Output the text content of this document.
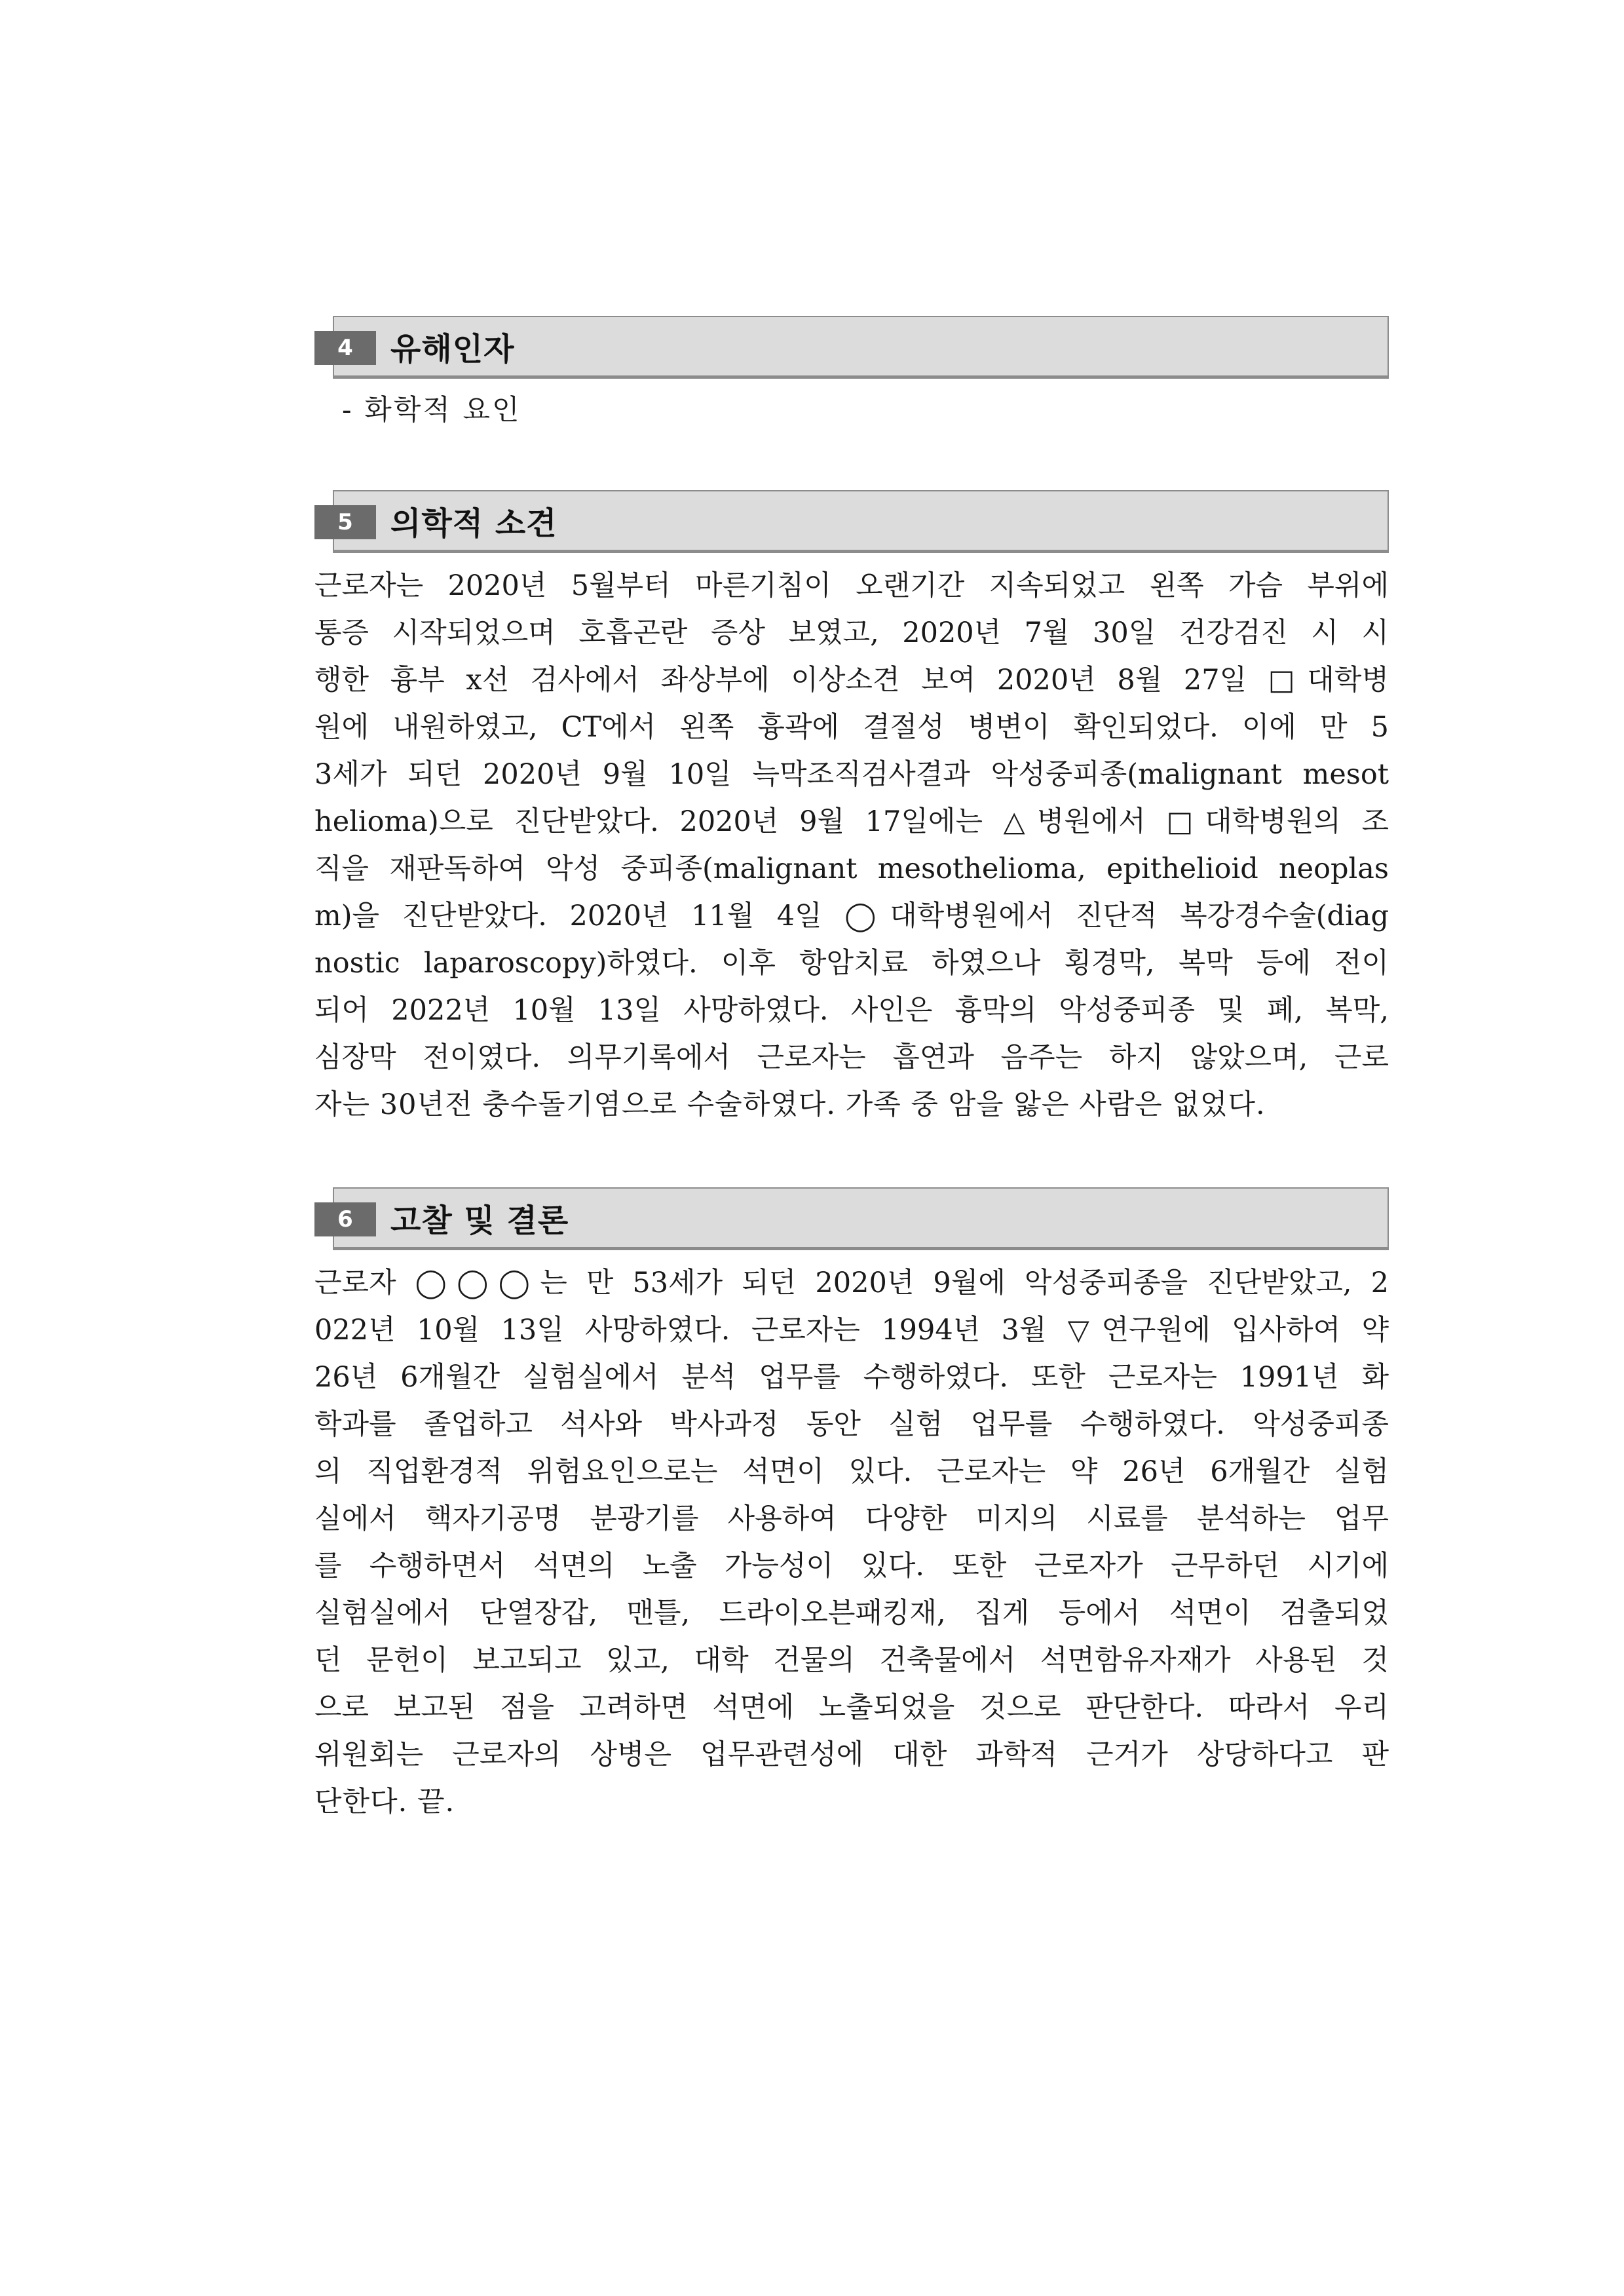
4	유해인자
- 화학적 요인
5	의학적 소견
근로자는 2020년 5월부터 마른기침이 오랜기간 지속되었고 왼쪽 가슴 부위에
통증 시작되었으며 호흡곤란 증상 보였고, 2020년 7월 30일 건강검진 시 시
행한 흉부 x선 검사에서 좌상부에 이상소견 보여 2020년 8월 27일 □대학병
원에 내원하였고, CT에서 왼쪽 흉곽에 결절성 병변이 확인되었다. 이에 만 5
3세가 되던 2020년 9월 10일 늑막조직검사결과 악성중피종(malignant mesot
helioma)으로 진단받았다. 2020년 9월 17일에는 △병원에서 □대학병원의 조
직을 재판독하여 악성 중피종(malignant mesothelioma, epithelioid neoplas
m)을 진단받았다. 2020년 11월 4일 ◯대학병원에서 진단적 복강경수술(diag
nostic laparoscopy)하였다. 이후 항암치료 하였으나 횡경막, 복막 등에 전이
되어 2022년 10월 13일 사망하였다. 사인은 흉막의 악성중피종 및 폐, 복막,
심장막 전이였다. 의무기록에서 근로자는 흡연과 음주는 하지 않았으며, 근로
자는 30년전 충수돌기염으로 수술하였다. 가족 중 암을 앓은 사람은 없었다.
6	고찰 및 결론
근로자 ◯◯◯는 만 53세가 되던 2020년 9월에 악성중피종을 진단받았고, 2
022년 10월 13일 사망하였다. 근로자는 1994년 3월 ▽연구원에 입사하여 약
26년 6개월간 실험실에서 분석 업무를 수행하였다. 또한 근로자는 1991년 화
학과를 졸업하고 석사와 박사과정 동안 실험 업무를 수행하였다. 악성중피종
의 직업환경적 위험요인으로는 석면이 있다. 근로자는 약 26년 6개월간 실험
실에서 핵자기공명 분광기를 사용하여 다양한 미지의 시료를 분석하는 업무
를 수행하면서 석면의 노출 가능성이 있다. 또한 근로자가 근무하던 시기에
실험실에서 단열장갑, 맨틀, 드라이오븐패킹재, 집게 등에서 석면이 검출되었
던 문헌이 보고되고 있고, 대학 건물의 건축물에서 석면함유자재가 사용된 것
으로 보고된 점을 고려하면 석면에 노출되었을 것으로 판단한다. 따라서 우리
위원회는 근로자의 상병은 업무관련성에 대한 과학적 근거가 상당하다고 판
단한다. 끝.
